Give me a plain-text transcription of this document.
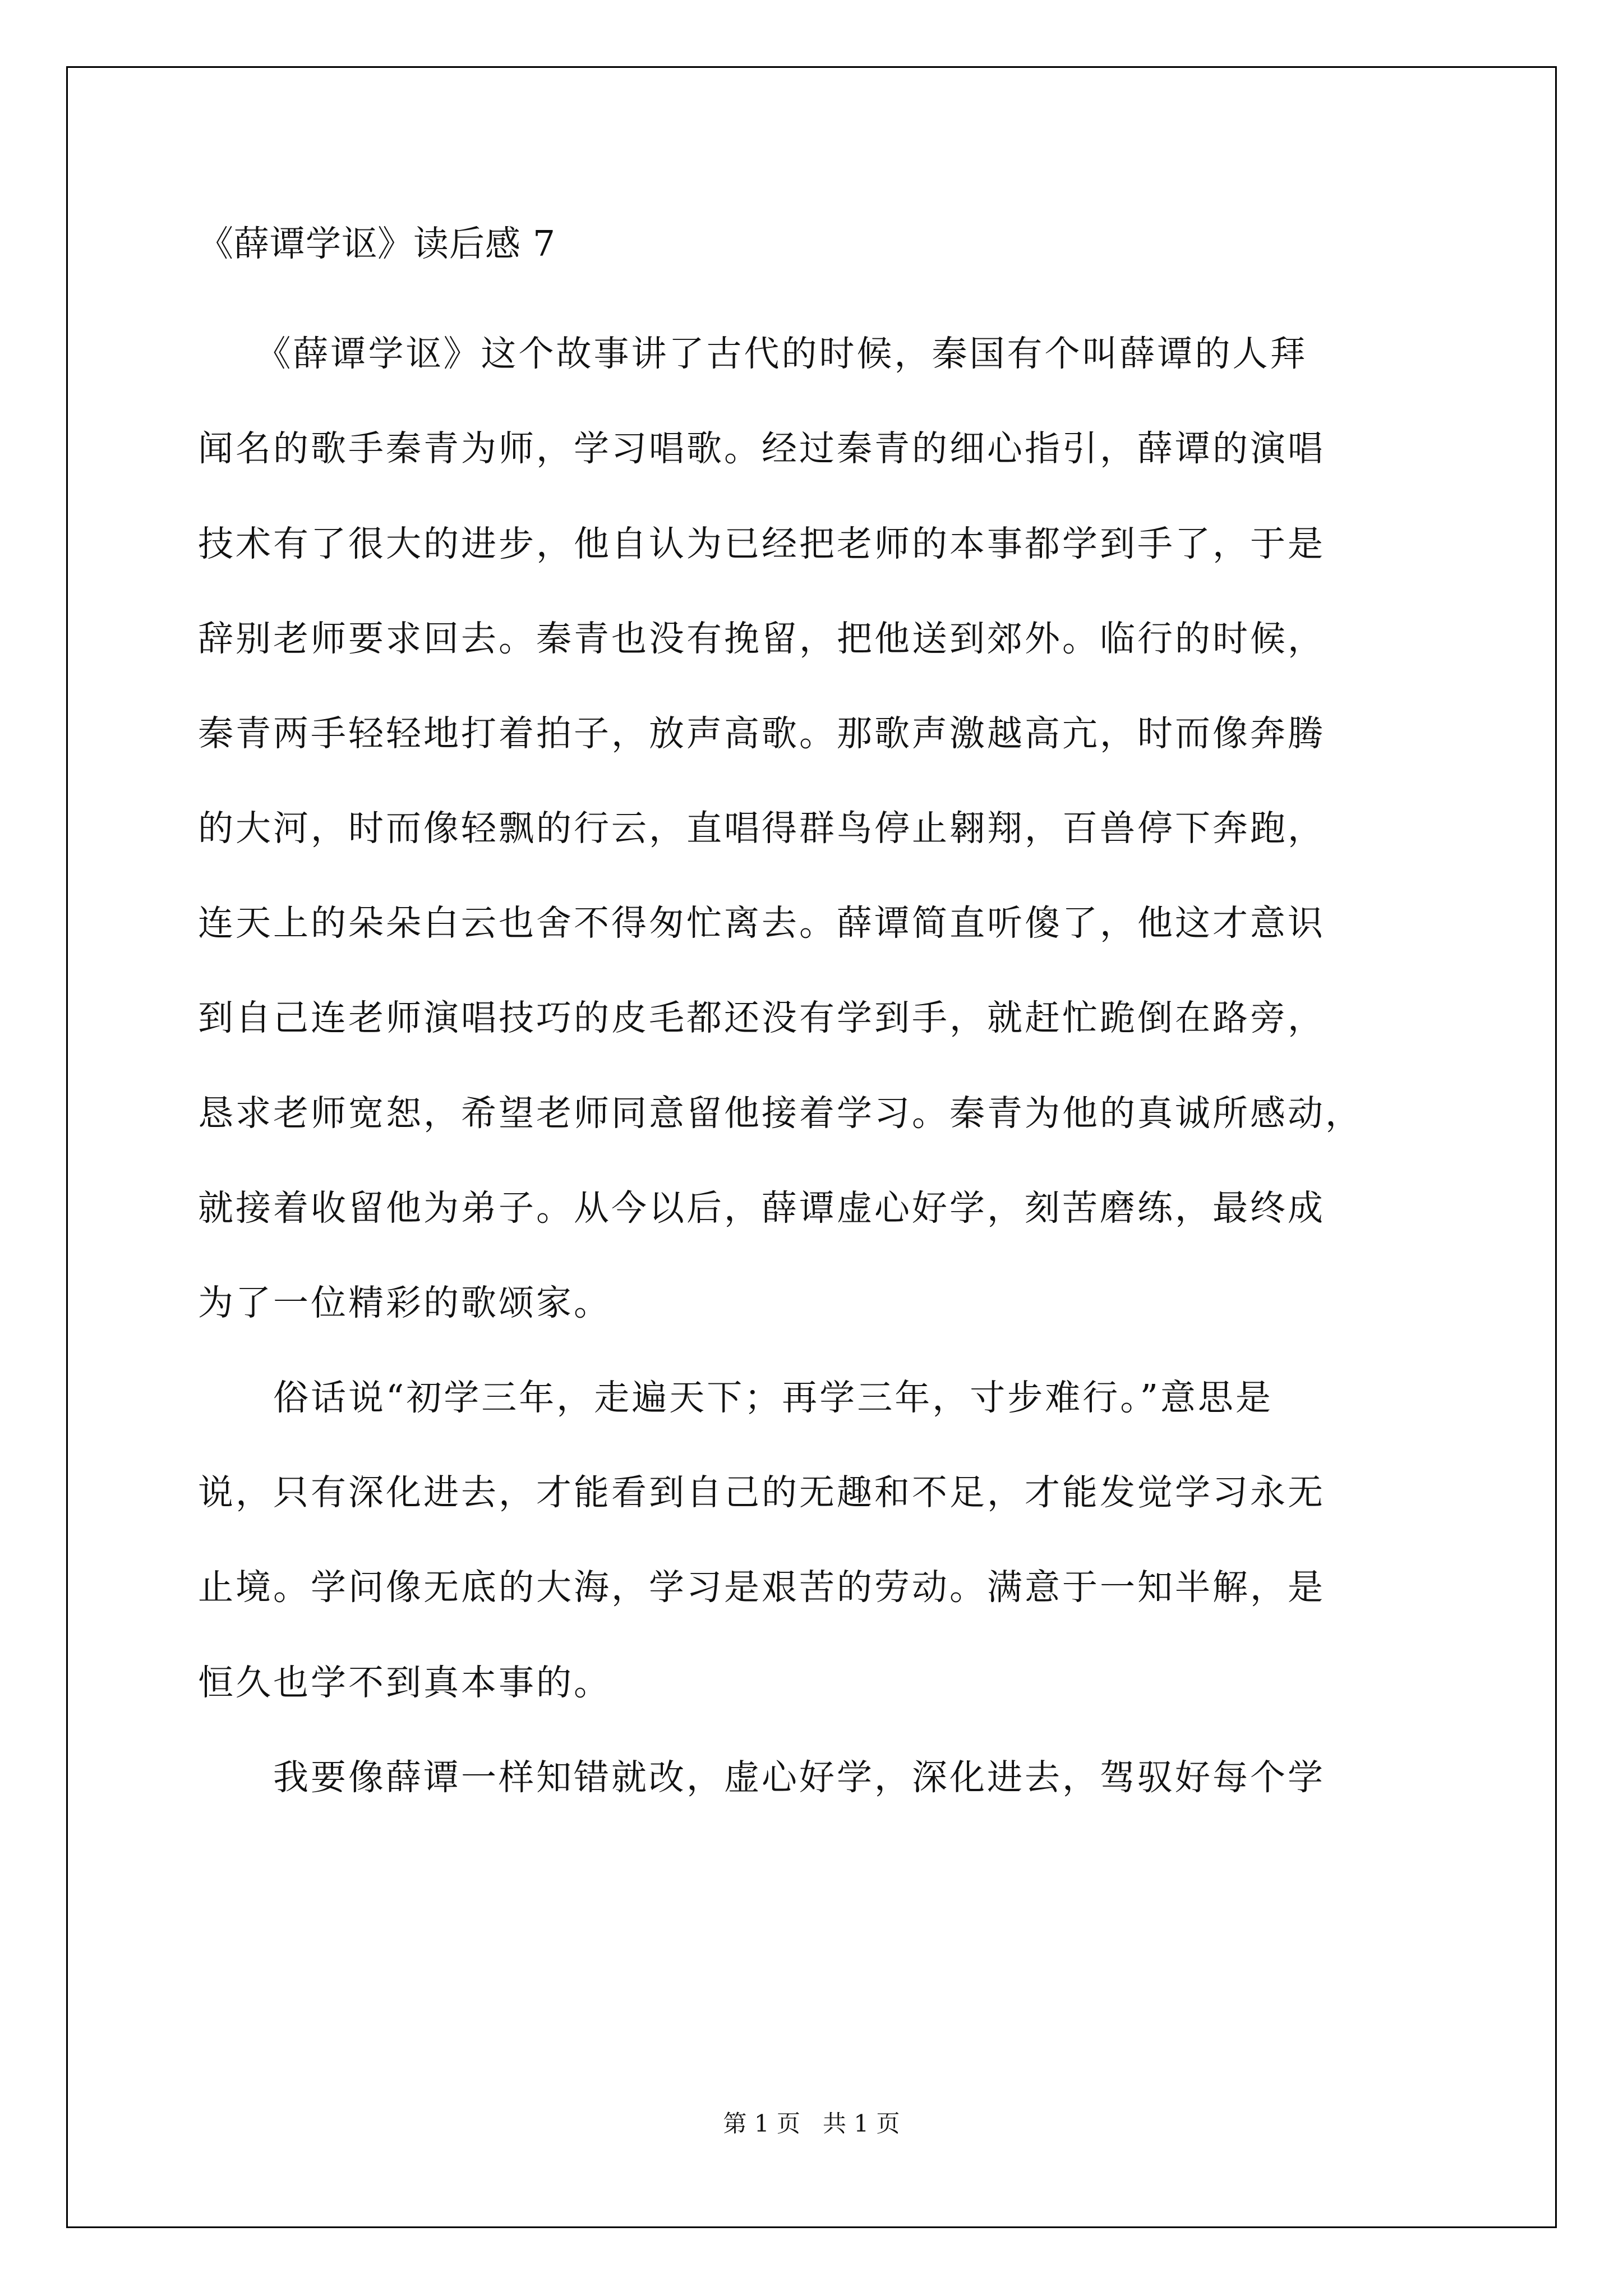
《薛谭学讴》读后感 7
　　《薛谭学讴》这个故事讲了古代的时候，秦国有个叫薛谭的人拜
闻名的歌手秦青为师，学习唱歌。经过秦青的细心指引，薛谭的演唱
技术有了很大的进步，他自认为已经把老师的本事都学到手了，于是
辞别老师要求回去。秦青也没有挽留，把他送到郊外。临行的时候，
秦青两手轻轻地打着拍子，放声高歌。那歌声激越高亢，时而像奔腾
的大河，时而像轻飘的行云，直唱得群鸟停止翱翔，百兽停下奔跑，
连天上的朵朵白云也舍不得匆忙离去。薛谭简直听傻了，他这才意识
到自己连老师演唱技巧的皮毛都还没有学到手，就赶忙跪倒在路旁，
恳求老师宽恕，希望老师同意留他接着学习。秦青为他的真诚所感动，
就接着收留他为弟子。从今以后，薛谭虚心好学，刻苦磨练，最终成
为了一位精彩的歌颂家。
　　俗话说“初学三年，走遍天下；再学三年，寸步难行。”意思是
说，只有深化进去，才能看到自己的无趣和不足，才能发觉学习永无
止境。学问像无底的大海，学习是艰苦的劳动。满意于一知半解，是
恒久也学不到真本事的。
　　我要像薛谭一样知错就改，虚心好学，深化进去，驾驭好每个学
第 1 页 共 1 页
